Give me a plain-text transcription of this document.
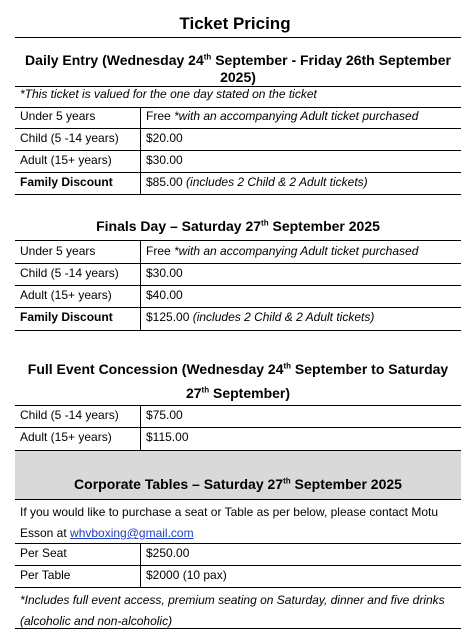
Ticket Pricing
Daily Entry (Wednesday 24th September - Friday 26th September
2025)
*This ticket is valued for the one day stated on the ticket
Under 5 years	Free *with an accompanying Adult ticket purchased
Child (5 -14 years) $20.00
Adult (15+ years)	$30.00
Family Discount	$85.00 (includes 2 Child & 2 Adult tickets)
Finals Day – Saturday 27th September 2025
Under 5 years	Free *with an accompanying Adult ticket purchased
Child (5 -14 years) $30.00
Adult (15+ years)	$40.00
Family Discount	$125.00 (includes 2 Child & 2 Adult tickets)
Full Event Concession (Wednesday 24th September to Saturday
27th September)
Child (5 -14 years) $75.00
Adult (15+ years)	$115.00
Corporate Tables – Saturday 27th September 2025
If you would like to purchase a seat or Table as per below, please contact Motu
Esson at whvboxing@gmail.com
Per Seat	$250.00
Per Table	$2000 (10 pax)
*Includes full event access, premium seating on Saturday, dinner and five drinks
(alcoholic and non-alcoholic)
